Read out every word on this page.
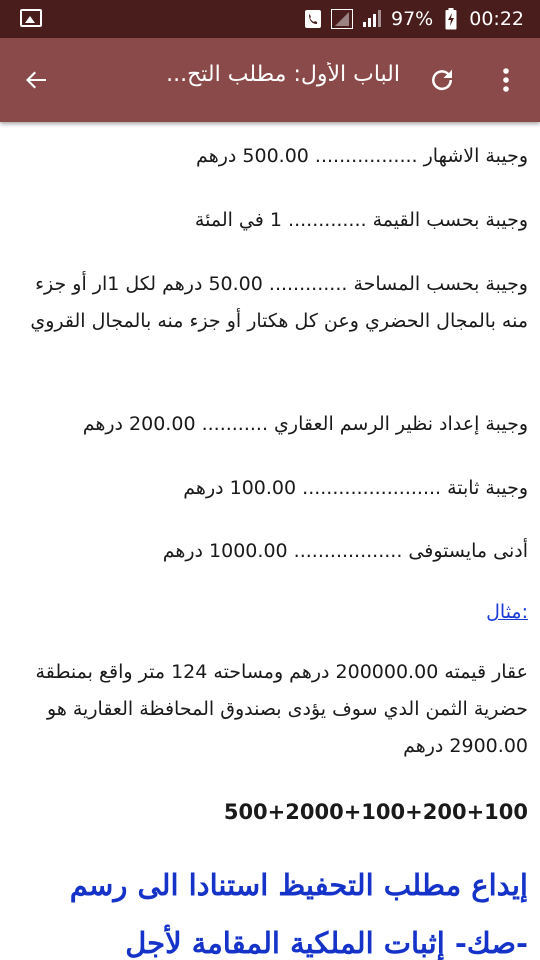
97% 00:22
الباب الأول: مطلب التح...
وجيبة الاشهار ................. 500.00 درهم
وجيبة بحسب القيمة ............. 1 في المئة
وجيبة بحسب المساحة ............. 50.00 درهم لكل 1ار أو جزء منه بالمجال الحضري وعن كل هكتار أو جزء منه بالمجال القروي
وجيبة إعداد نظير الرسم العقاري ........... 200.00 درهم
وجيبة ثابتة ....................... 100.00 درهم
أدنى مايستوفى .................. 1000.00 درهم
:مثال
عقار قيمته 200000.00 درهم ومساحته 124 متر واقع بمنطقة حضرية الثمن الدي سوف يؤدى بصندوق المحافظة العقارية هو 2900.00 درهم
500+2000+100+200+100
إيداع مطلب التحفيظ استنادا الى رسم -صك- إثبات الملكية المقامة لأجل
